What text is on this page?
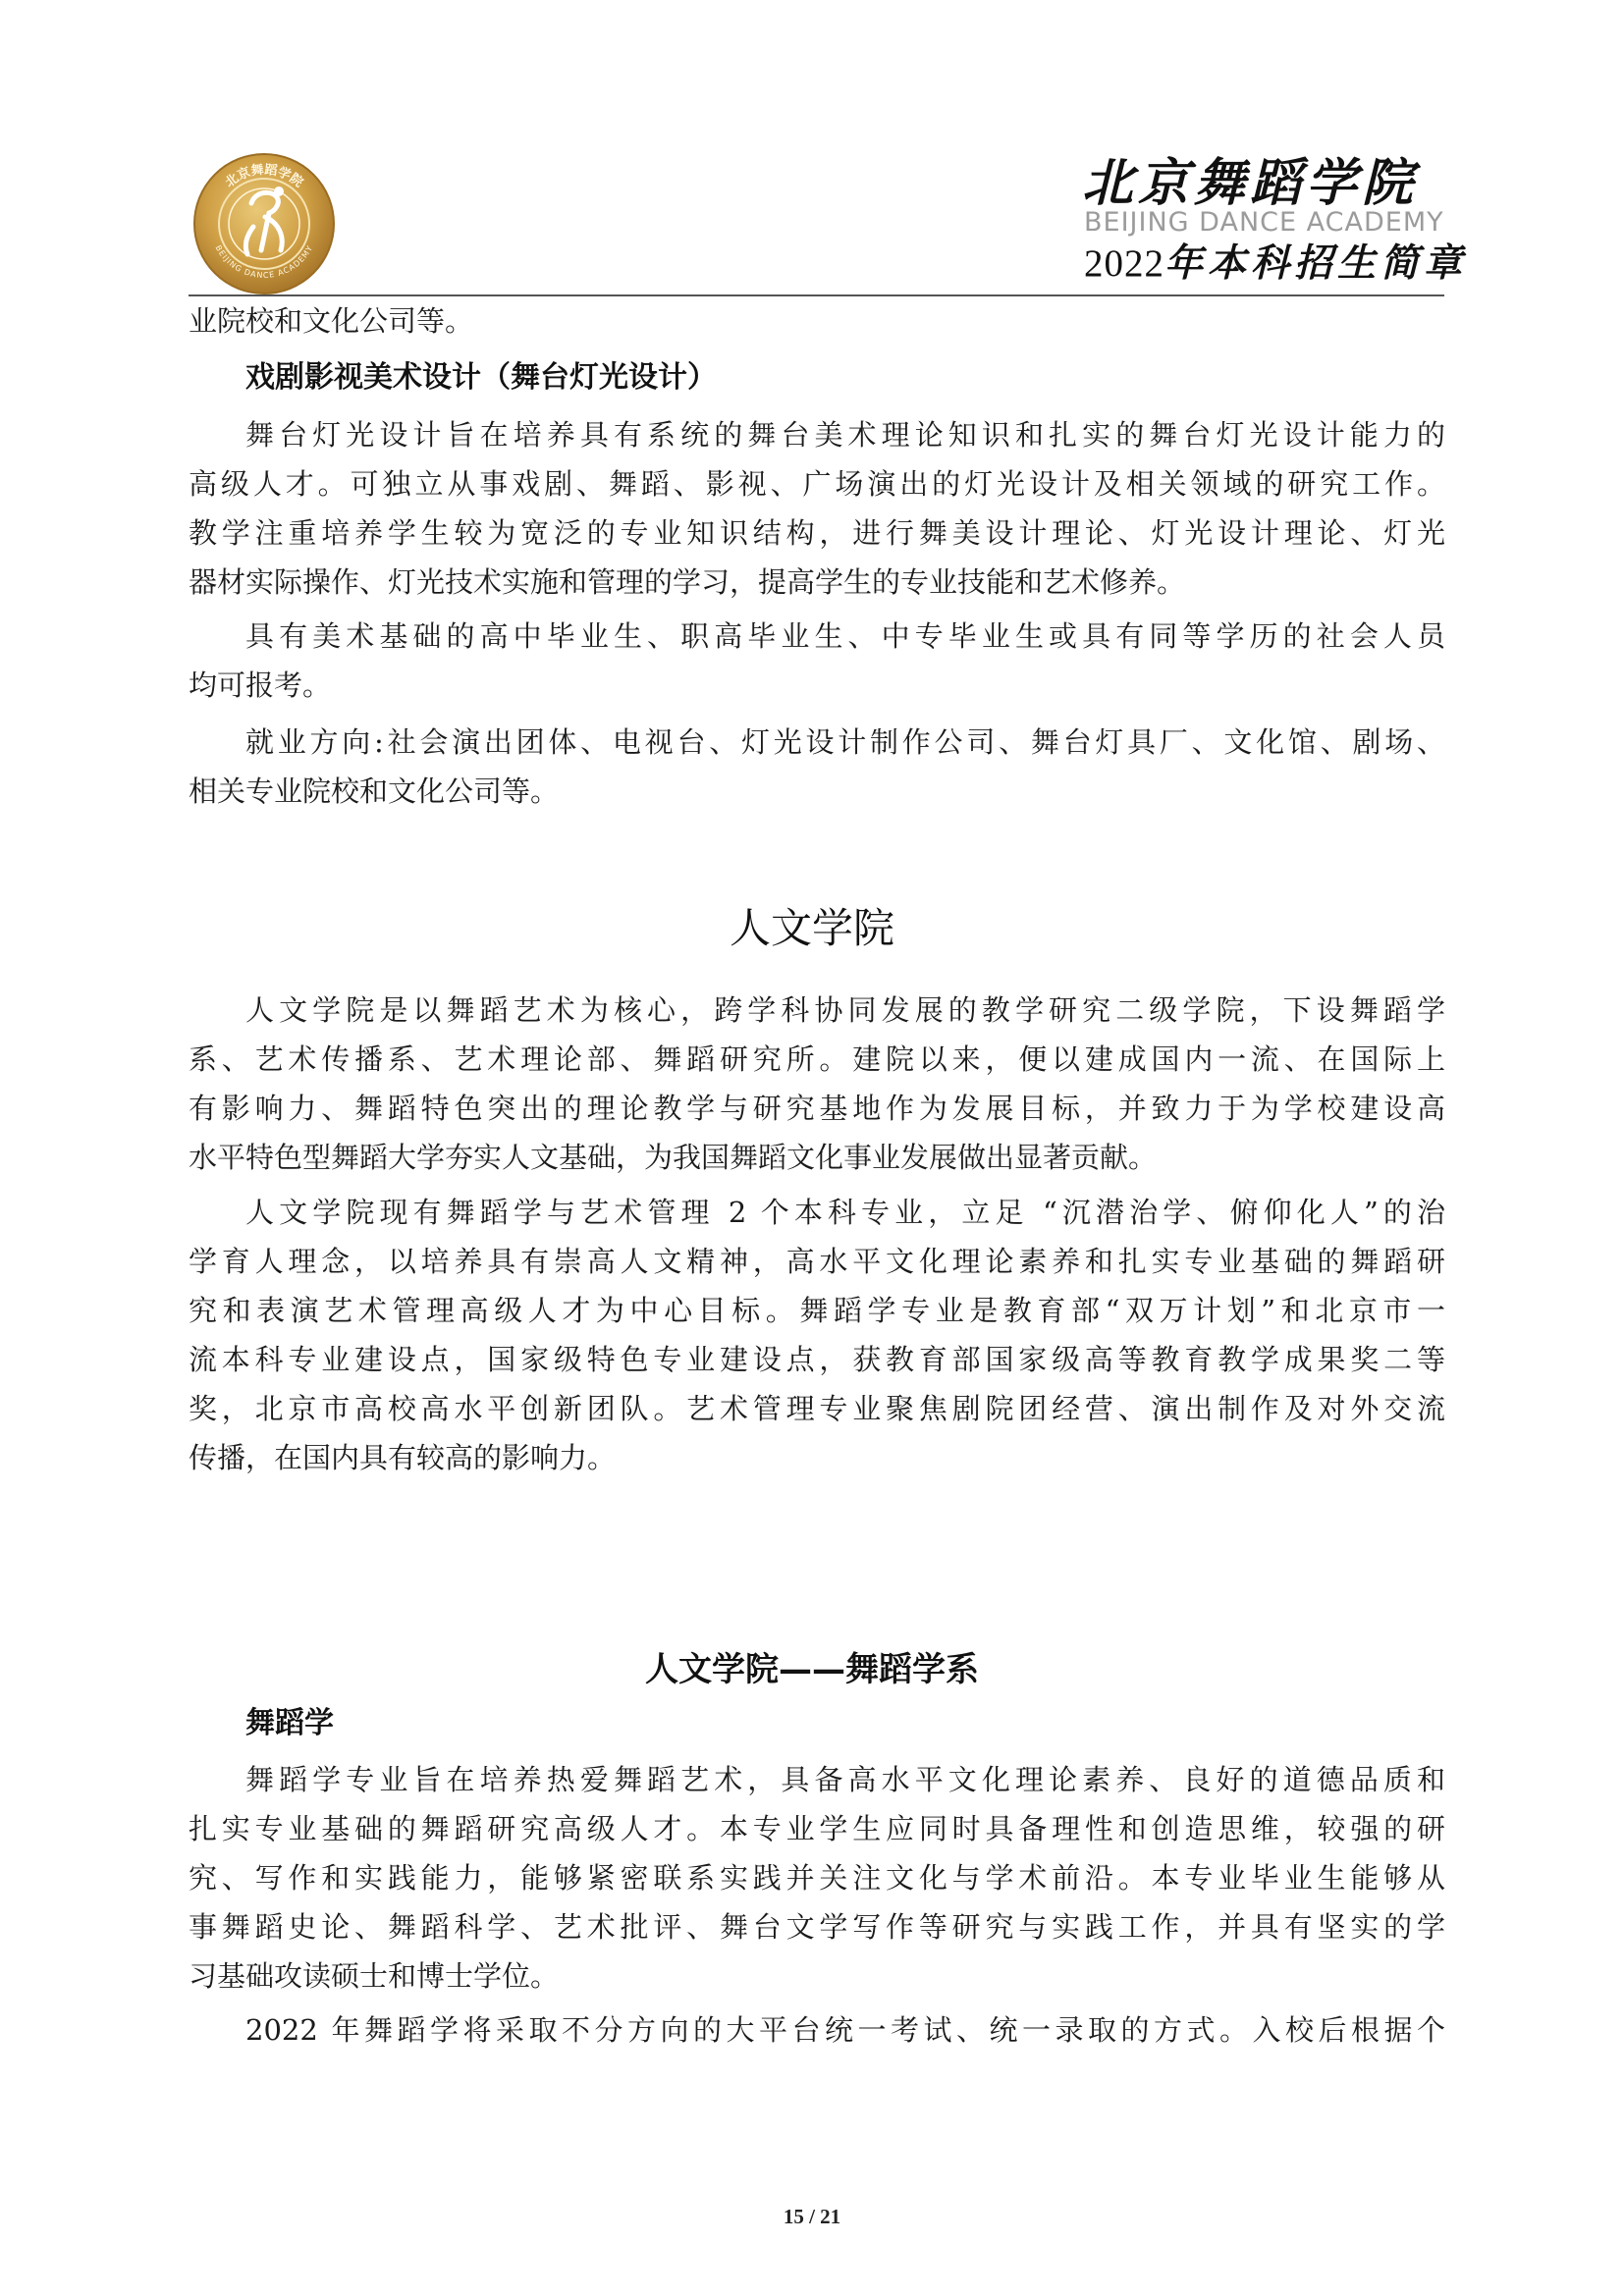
北京舞蹈学院
BEIJING DANCE ACADEMY
北京舞蹈学院
BEIJING DANCE ACADEMY
2022年本科招生简章
业院校和文化公司等。
戏剧影视美术设计（舞台灯光设计）
舞台灯光设计旨在培养具有系统的舞台美术理论知识和扎实的舞台灯光设计能力的
高级人才。可独立从事戏剧、舞蹈、影视、广场演出的灯光设计及相关领域的研究工作。
教学注重培养学生较为宽泛的专业知识结构，进行舞美设计理论、灯光设计理论、灯光
器材实际操作、灯光技术实施和管理的学习，提高学生的专业技能和艺术修养。
具有美术基础的高中毕业生、职高毕业生、中专毕业生或具有同等学历的社会人员
均可报考。
就业方向:社会演出团体、电视台、灯光设计制作公司、舞台灯具厂、文化馆、剧场、
相关专业院校和文化公司等。
人文学院
人文学院是以舞蹈艺术为核心，跨学科协同发展的教学研究二级学院，下设舞蹈学
系、艺术传播系、艺术理论部、舞蹈研究所。建院以来，便以建成国内一流、在国际上
有影响力、舞蹈特色突出的理论教学与研究基地作为发展目标，并致力于为学校建设高
水平特色型舞蹈大学夯实人文基础，为我国舞蹈文化事业发展做出显著贡献。
人文学院现有舞蹈学与艺术管理 2 个本科专业，立足 “沉潜治学、俯仰化人”的治
学育人理念，以培养具有崇高人文精神，高水平文化理论素养和扎实专业基础的舞蹈研
究和表演艺术管理高级人才为中心目标。舞蹈学专业是教育部“双万计划”和北京市一
流本科专业建设点，国家级特色专业建设点，获教育部国家级高等教育教学成果奖二等
奖，北京市高校高水平创新团队。艺术管理专业聚焦剧院团经营、演出制作及对外交流
传播，在国内具有较高的影响力。
人文学院——舞蹈学系
舞蹈学
舞蹈学专业旨在培养热爱舞蹈艺术，具备高水平文化理论素养、良好的道德品质和
扎实专业基础的舞蹈研究高级人才。本专业学生应同时具备理性和创造思维，较强的研
究、写作和实践能力，能够紧密联系实践并关注文化与学术前沿。本专业毕业生能够从
事舞蹈史论、舞蹈科学、艺术批评、舞台文学写作等研究与实践工作，并具有坚实的学
习基础攻读硕士和博士学位。
2022 年舞蹈学将采取不分方向的大平台统一考试、统一录取的方式。入校后根据个
15 / 21
